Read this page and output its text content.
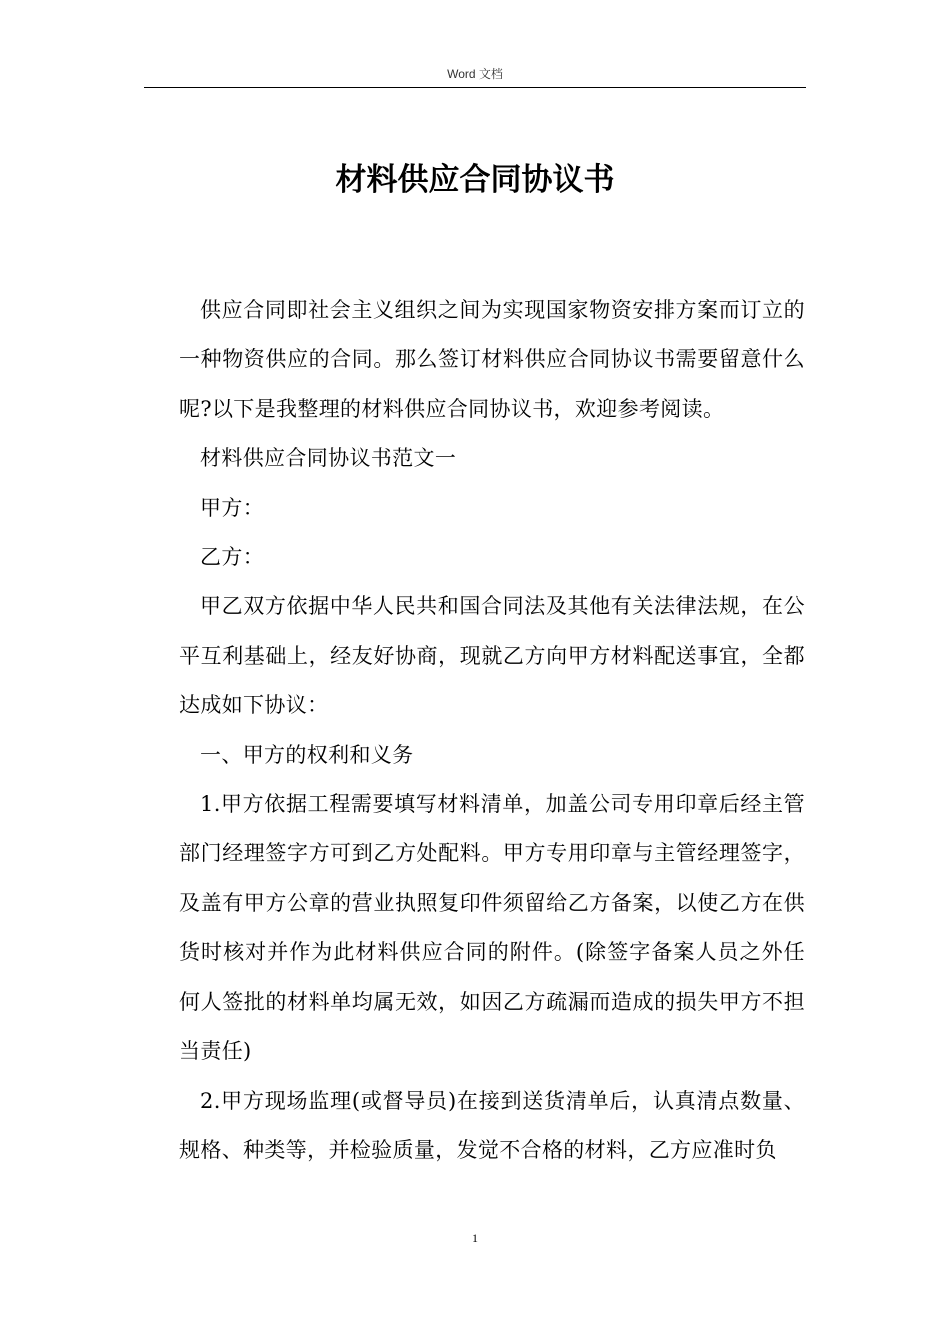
Word 文档
材料供应合同协议书

供应合同即社会主义组织之间为实现国家物资安排方案而订立的一种物资供应的合同。那么签订材料供应合同协议书需要留意什么呢?以下是我整理的材料供应合同协议书，欢迎参考阅读。

材料供应合同协议书范文一

甲方：

乙方：

甲乙双方依据中华人民共和国合同法及其他有关法律法规，在公平互利基础上，经友好协商，现就乙方向甲方材料配送事宜，全都达成如下协议：

一、甲方的权利和义务

1.甲方依据工程需要填写材料清单，加盖公司专用印章后经主管部门经理签字方可到乙方处配料。甲方专用印章与主管经理签字，及盖有甲方公章的营业执照复印件须留给乙方备案，以使乙方在供货时核对并作为此材料供应合同的附件。(除签字备案人员之外任何人签批的材料单均属无效，如因乙方疏漏而造成的损失甲方不担当责任)

2.甲方现场监理(或督导员)在接到送货清单后，认真清点数量、规格、种类等，并检验质量，发觉不合格的材料，乙方应准时负

1
